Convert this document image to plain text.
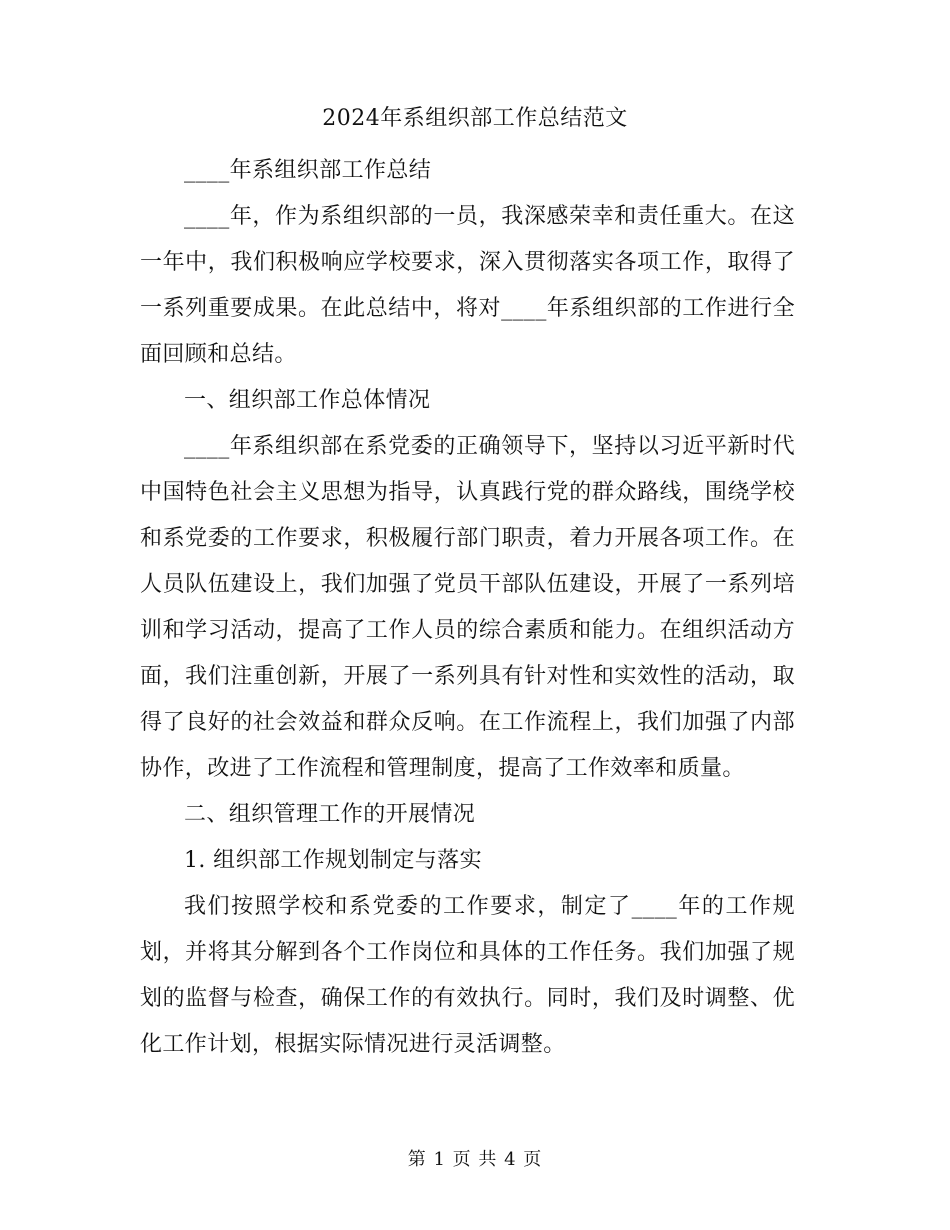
2024年系组织部工作总结范文

____年系组织部工作总结

____年，作为系组织部的一员，我深感荣幸和责任重大。在这一年中，我们积极响应学校要求，深入贯彻落实各项工作，取得了一系列重要成果。在此总结中，将对____年系组织部的工作进行全面回顾和总结。

一、组织部工作总体情况

____年系组织部在系党委的正确领导下，坚持以习近平新时代中国特色社会主义思想为指导，认真践行党的群众路线，围绕学校和系党委的工作要求，积极履行部门职责，着力开展各项工作。在人员队伍建设上，我们加强了党员干部队伍建设，开展了一系列培训和学习活动，提高了工作人员的综合素质和能力。在组织活动方面，我们注重创新，开展了一系列具有针对性和实效性的活动，取得了良好的社会效益和群众反响。在工作流程上，我们加强了内部协作，改进了工作流程和管理制度，提高了工作效率和质量。

二、组织管理工作的开展情况

1. 组织部工作规划制定与落实

我们按照学校和系党委的工作要求，制定了____年的工作规划，并将其分解到各个工作岗位和具体的工作任务。我们加强了规划的监督与检查，确保工作的有效执行。同时，我们及时调整、优化工作计划，根据实际情况进行灵活调整。

第 1 页 共 4 页
